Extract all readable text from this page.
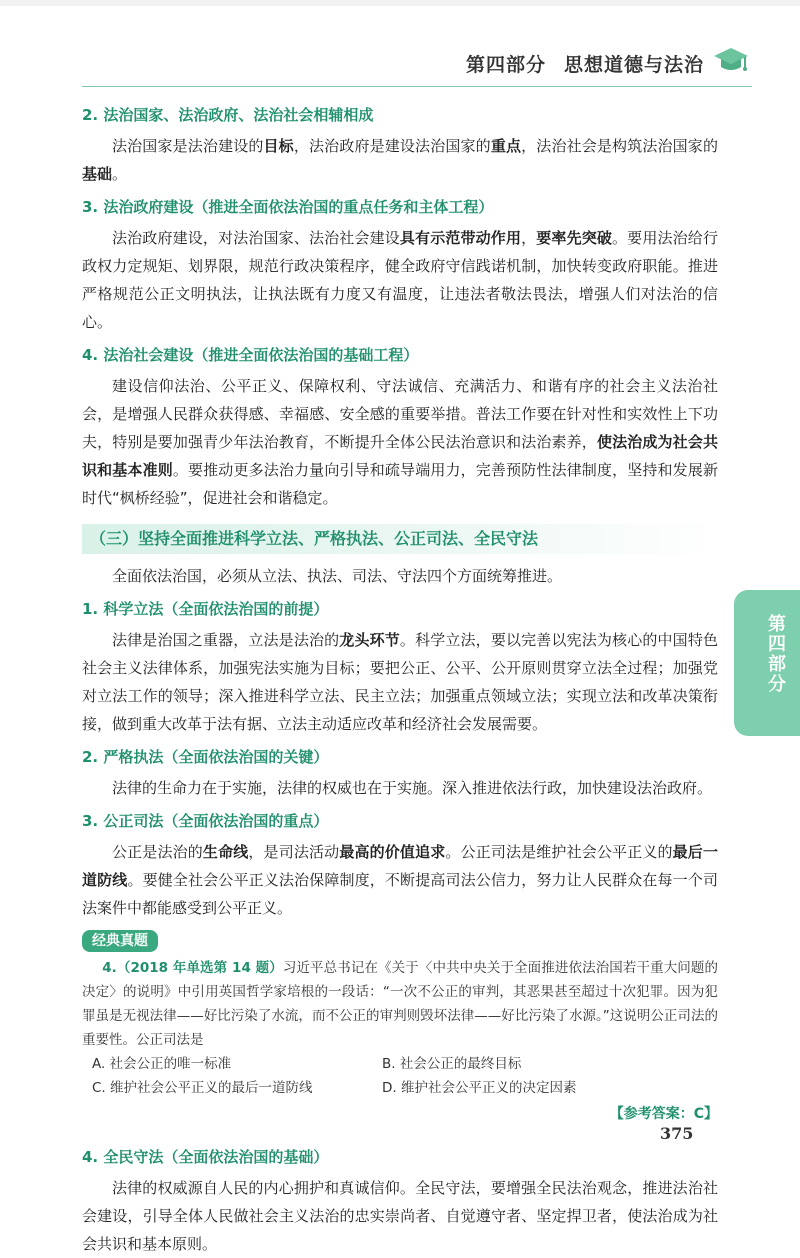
第四部分 思想道德与法治
2. 法治国家、法治政府、法治社会相辅相成

法治国家是法治建设的目标，法治政府是建设法治国家的重点，法治社会是构筑法治国家的基础。

3. 法治政府建设（推进全面依法治国的重点任务和主体工程）

法治政府建设，对法治国家、法治社会建设具有示范带动作用，要率先突破。要用法治给行政权力定规矩、划界限，规范行政决策程序，健全政府守信践诺机制，加快转变政府职能。推进严格规范公正文明执法，让执法既有力度又有温度，让违法者敬法畏法，增强人们对法治的信心。

4. 法治社会建设（推进全面依法治国的基础工程）

建设信仰法治、公平正义、保障权利、守法诚信、充满活力、和谐有序的社会主义法治社会，是增强人民群众获得感、幸福感、安全感的重要举措。普法工作要在针对性和实效性上下功夫，特别是要加强青少年法治教育，不断提升全体公民法治意识和法治素养，使法治成为社会共识和基本准则。要推动更多法治力量向引导和疏导端用力，完善预防性法律制度，坚持和发展新时代“枫桥经验”，促进社会和谐稳定。

（三）坚持全面推进科学立法、严格执法、公正司法、全民守法

全面依法治国，必须从立法、执法、司法、守法四个方面统筹推进。

1. 科学立法（全面依法治国的前提）

法律是治国之重器，立法是法治的龙头环节。科学立法，要以完善以宪法为核心的中国特色社会主义法律体系，加强宪法实施为目标；要把公正、公平、公开原则贯穿立法全过程；加强党对立法工作的领导；深入推进科学立法、民主立法；加强重点领域立法；实现立法和改革决策衔接，做到重大改革于法有据、立法主动适应改革和经济社会发展需要。

2. 严格执法（全面依法治国的关键）

法律的生命力在于实施，法律的权威也在于实施。深入推进依法行政，加快建设法治政府。

3. 公正司法（全面依法治国的重点）

公正是法治的生命线，是司法活动最高的价值追求。公正司法是维护社会公平正义的最后一道防线。要健全社会公平正义法治保障制度，不断提高司法公信力，努力让人民群众在每一个司法案件中都能感受到公平正义。

经典真题

4.（2018 年单选第 14 题）习近平总书记在《关于〈中共中央关于全面推进依法治国若干重大问题的决定〉的说明》中引用英国哲学家培根的一段话：“一次不公正的审判，其恶果甚至超过十次犯罪。因为犯罪虽是无视法律——好比污染了水流，而不公正的审判则毁坏法律——好比污染了水源。”这说明公正司法的重要性。公正司法是

A. 社会公正的唯一标准	B. 社会公正的最终目标
C. 维护社会公平正义的最后一道防线	D. 维护社会公平正义的决定因素
【参考答案：C】
4. 全民守法（全面依法治国的基础）

法律的权威源自人民的内心拥护和真诚信仰。全民守法，要增强全民法治观念，推进法治社会建设，引导全体人民做社会主义法治的忠实崇尚者、自觉遵守者、坚定捍卫者，使法治成为社会共识和基本原则。

第四部分
375
